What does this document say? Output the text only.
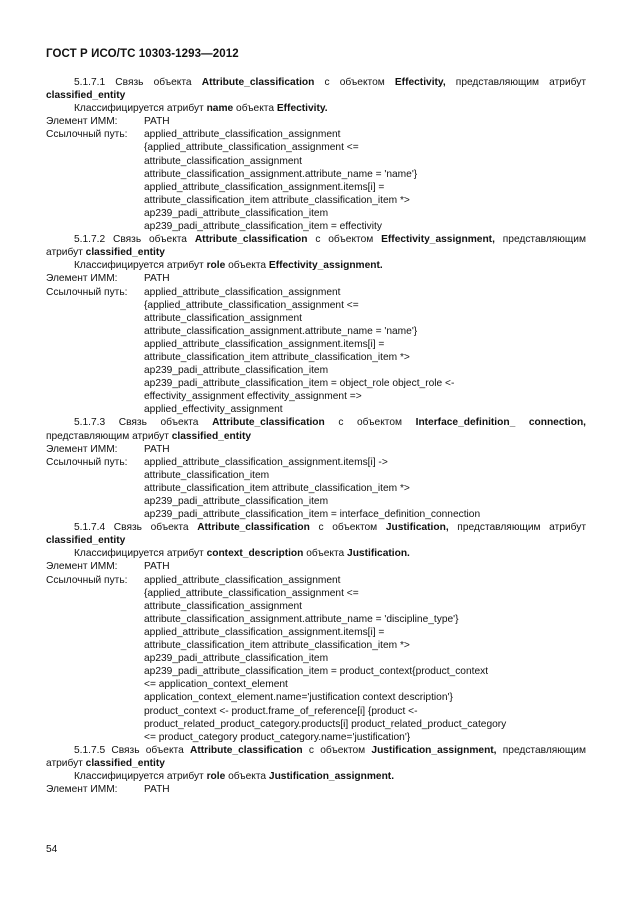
ГОСТ Р ИСО/ТС 10303-1293—2012

5.1.7.1 Связь объекта Attribute_classification с объектом Effectivity, представляющим атрибут classified_entity

Классифицируется атрибут name объекта Effectivity.

Элемент ИММ:	PATH
Ссылочный путь:	applied_attribute_classification_assignment
{applied_attribute_classification_assignment <=
attribute_classification_assignment
attribute_classification_assignment.attribute_name = 'name'}
applied_attribute_classification_assignment.items[i] =
attribute_classification_item attribute_classification_item *>
ap239_padi_attribute_classification_item
ap239_padi_attribute_classification_item = effectivity

5.1.7.2 Связь объекта Attribute_classification с объектом Effectivity_assignment, представляющим атрибут classified_entity

Классифицируется атрибут role объекта Effectivity_assignment.

Элемент ИММ:	PATH
Ссылочный путь:	applied_attribute_classification_assignment
{applied_attribute_classification_assignment <=
attribute_classification_assignment
attribute_classification_assignment.attribute_name = 'name'}
applied_attribute_classification_assignment.items[i] =
attribute_classification_item attribute_classification_item *>
ap239_padi_attribute_classification_item
ap239_padi_attribute_classification_item = object_role object_role <-
effectivity_assignment effectivity_assignment =>
applied_effectivity_assignment

5.1.7.3 Связь объекта Attribute_classification с объектом Interface_definition_ connection, представляющим атрибут classified_entity

Элемент ИММ:	PATH
Ссылочный путь:	applied_attribute_classification_assignment.items[i] ->
attribute_classification_item
attribute_classification_item attribute_classification_item *>
ap239_padi_attribute_classification_item
ap239_padi_attribute_classification_item = interface_definition_connection

5.1.7.4 Связь объекта Attribute_classification с объектом Justification, представляющим атрибут classified_entity

Классифицируется атрибут context_description объекта Justification.

Элемент ИММ:	PATH
Ссылочный путь:	applied_attribute_classification_assignment
{applied_attribute_classification_assignment <=
attribute_classification_assignment
attribute_classification_assignment.attribute_name = 'discipline_type'}
applied_attribute_classification_assignment.items[i] =
attribute_classification_item attribute_classification_item *>
ap239_padi_attribute_classification_item
ap239_padi_attribute_classification_item = product_context{product_context
<= application_context_element
application_context_element.name='justification context description'}
product_context <- product.frame_of_reference[i] {product <-
product_related_product_category.products[i] product_related_product_category
<= product_category product_category.name='justification'}

5.1.7.5 Связь объекта Attribute_classification с объектом Justification_assignment, представляющим атрибут classified_entity

Классифицируется атрибут role объекта Justification_assignment.

Элемент ИММ:	PATH
54
